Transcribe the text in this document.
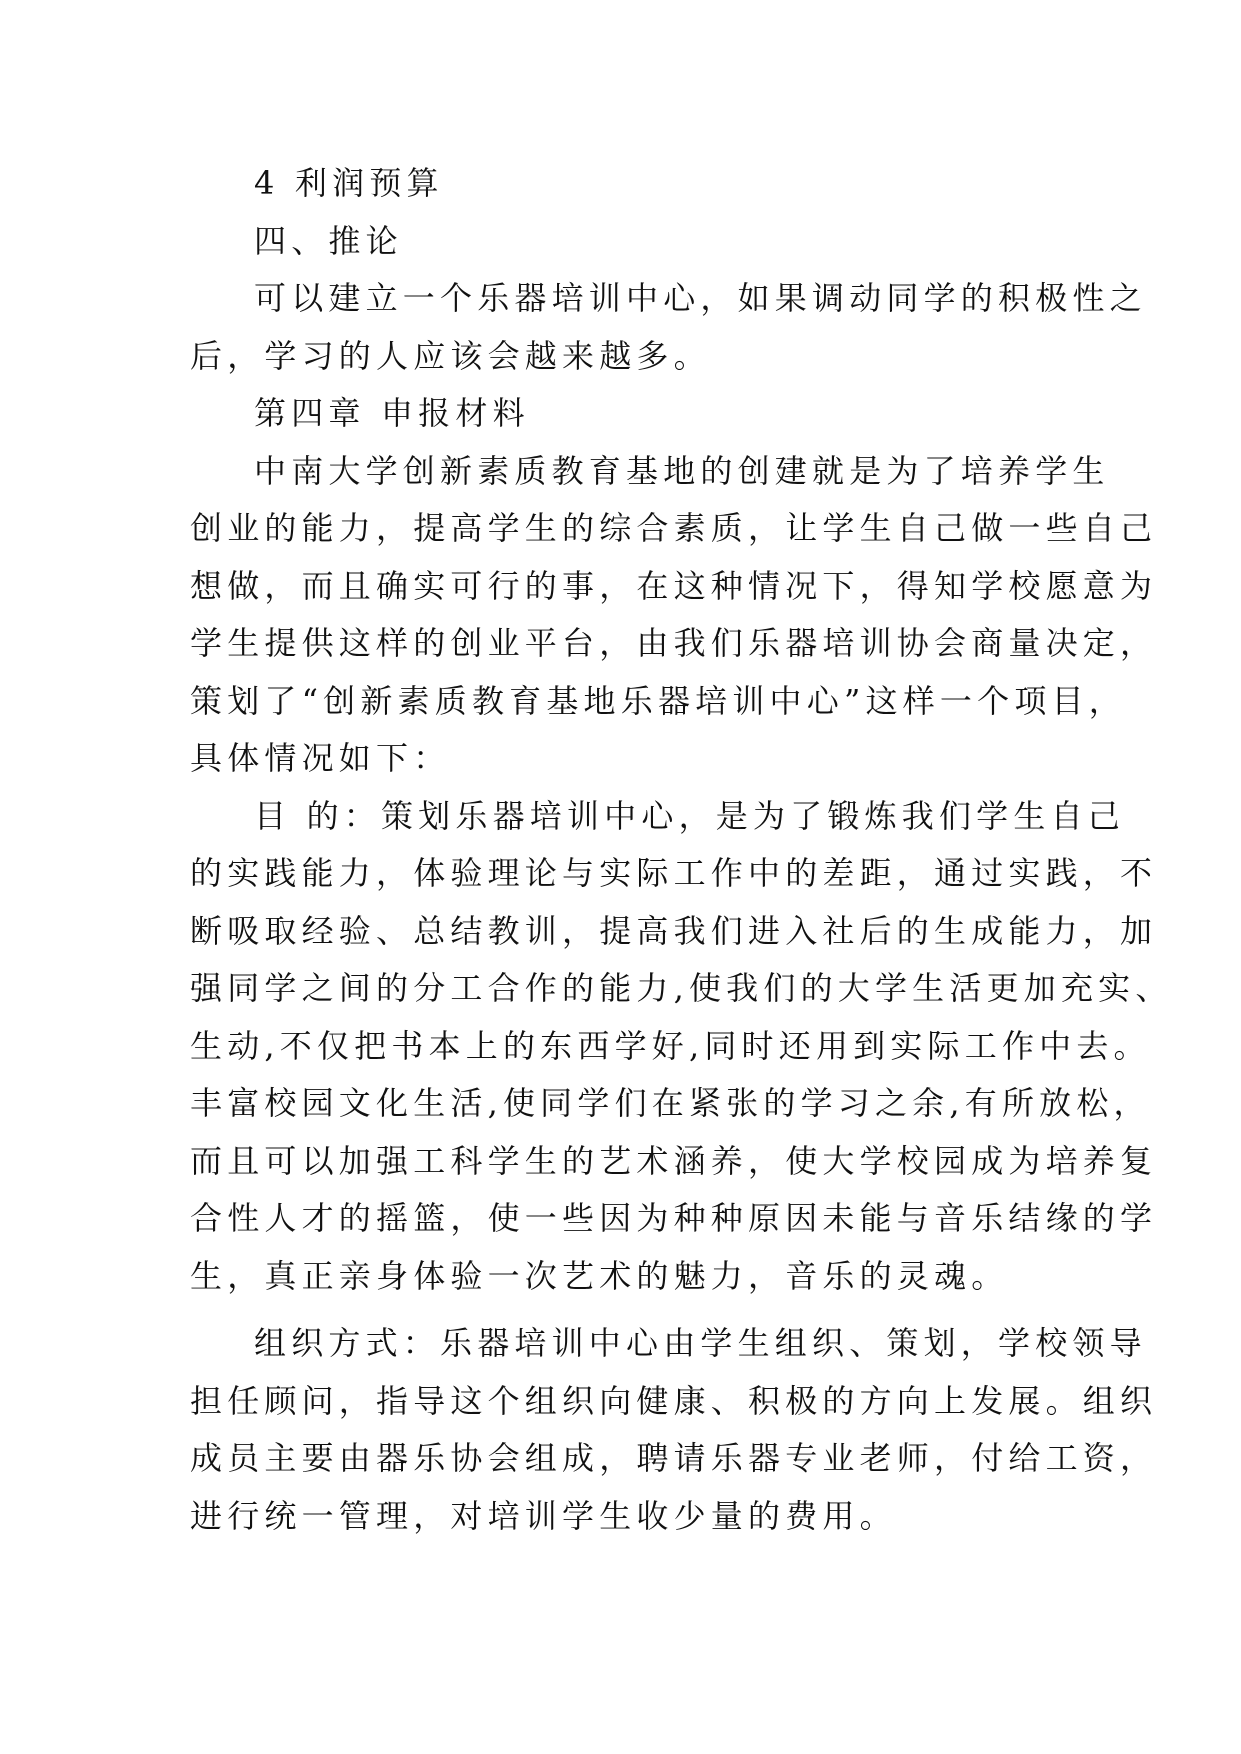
4 利润预算

四、推论

可以建立一个乐器培训中心，如果调动同学的积极性之

后，学习的人应该会越来越多。

第四章 申报材料

中南大学创新素质教育基地的创建就是为了培养学生

创业的能力，提高学生的综合素质，让学生自己做一些自己

想做，而且确实可行的事，在这种情况下，得知学校愿意为

学生提供这样的创业平台，由我们乐器培训协会商量决定，

策划了“创新素质教育基地乐器培训中心”这样一个项目，

具体情况如下：

目 的：策划乐器培训中心，是为了锻炼我们学生自己

的实践能力，体验理论与实际工作中的差距，通过实践，不

断吸取经验、总结教训，提高我们进入社后的生成能力，加

强同学之间的分工合作的能力,使我们的大学生活更加充实、

生动,不仅把书本上的东西学好,同时还用到实际工作中去。

丰富校园文化生活,使同学们在紧张的学习之余,有所放松，

而且可以加强工科学生的艺术涵养，使大学校园成为培养复

合性人才的摇篮，使一些因为种种原因未能与音乐结缘的学

生，真正亲身体验一次艺术的魅力，音乐的灵魂。

组织方式：乐器培训中心由学生组织、策划，学校领导

担任顾问，指导这个组织向健康、积极的方向上发展。组织

成员主要由器乐协会组成，聘请乐器专业老师，付给工资，

进行统一管理，对培训学生收少量的费用。
